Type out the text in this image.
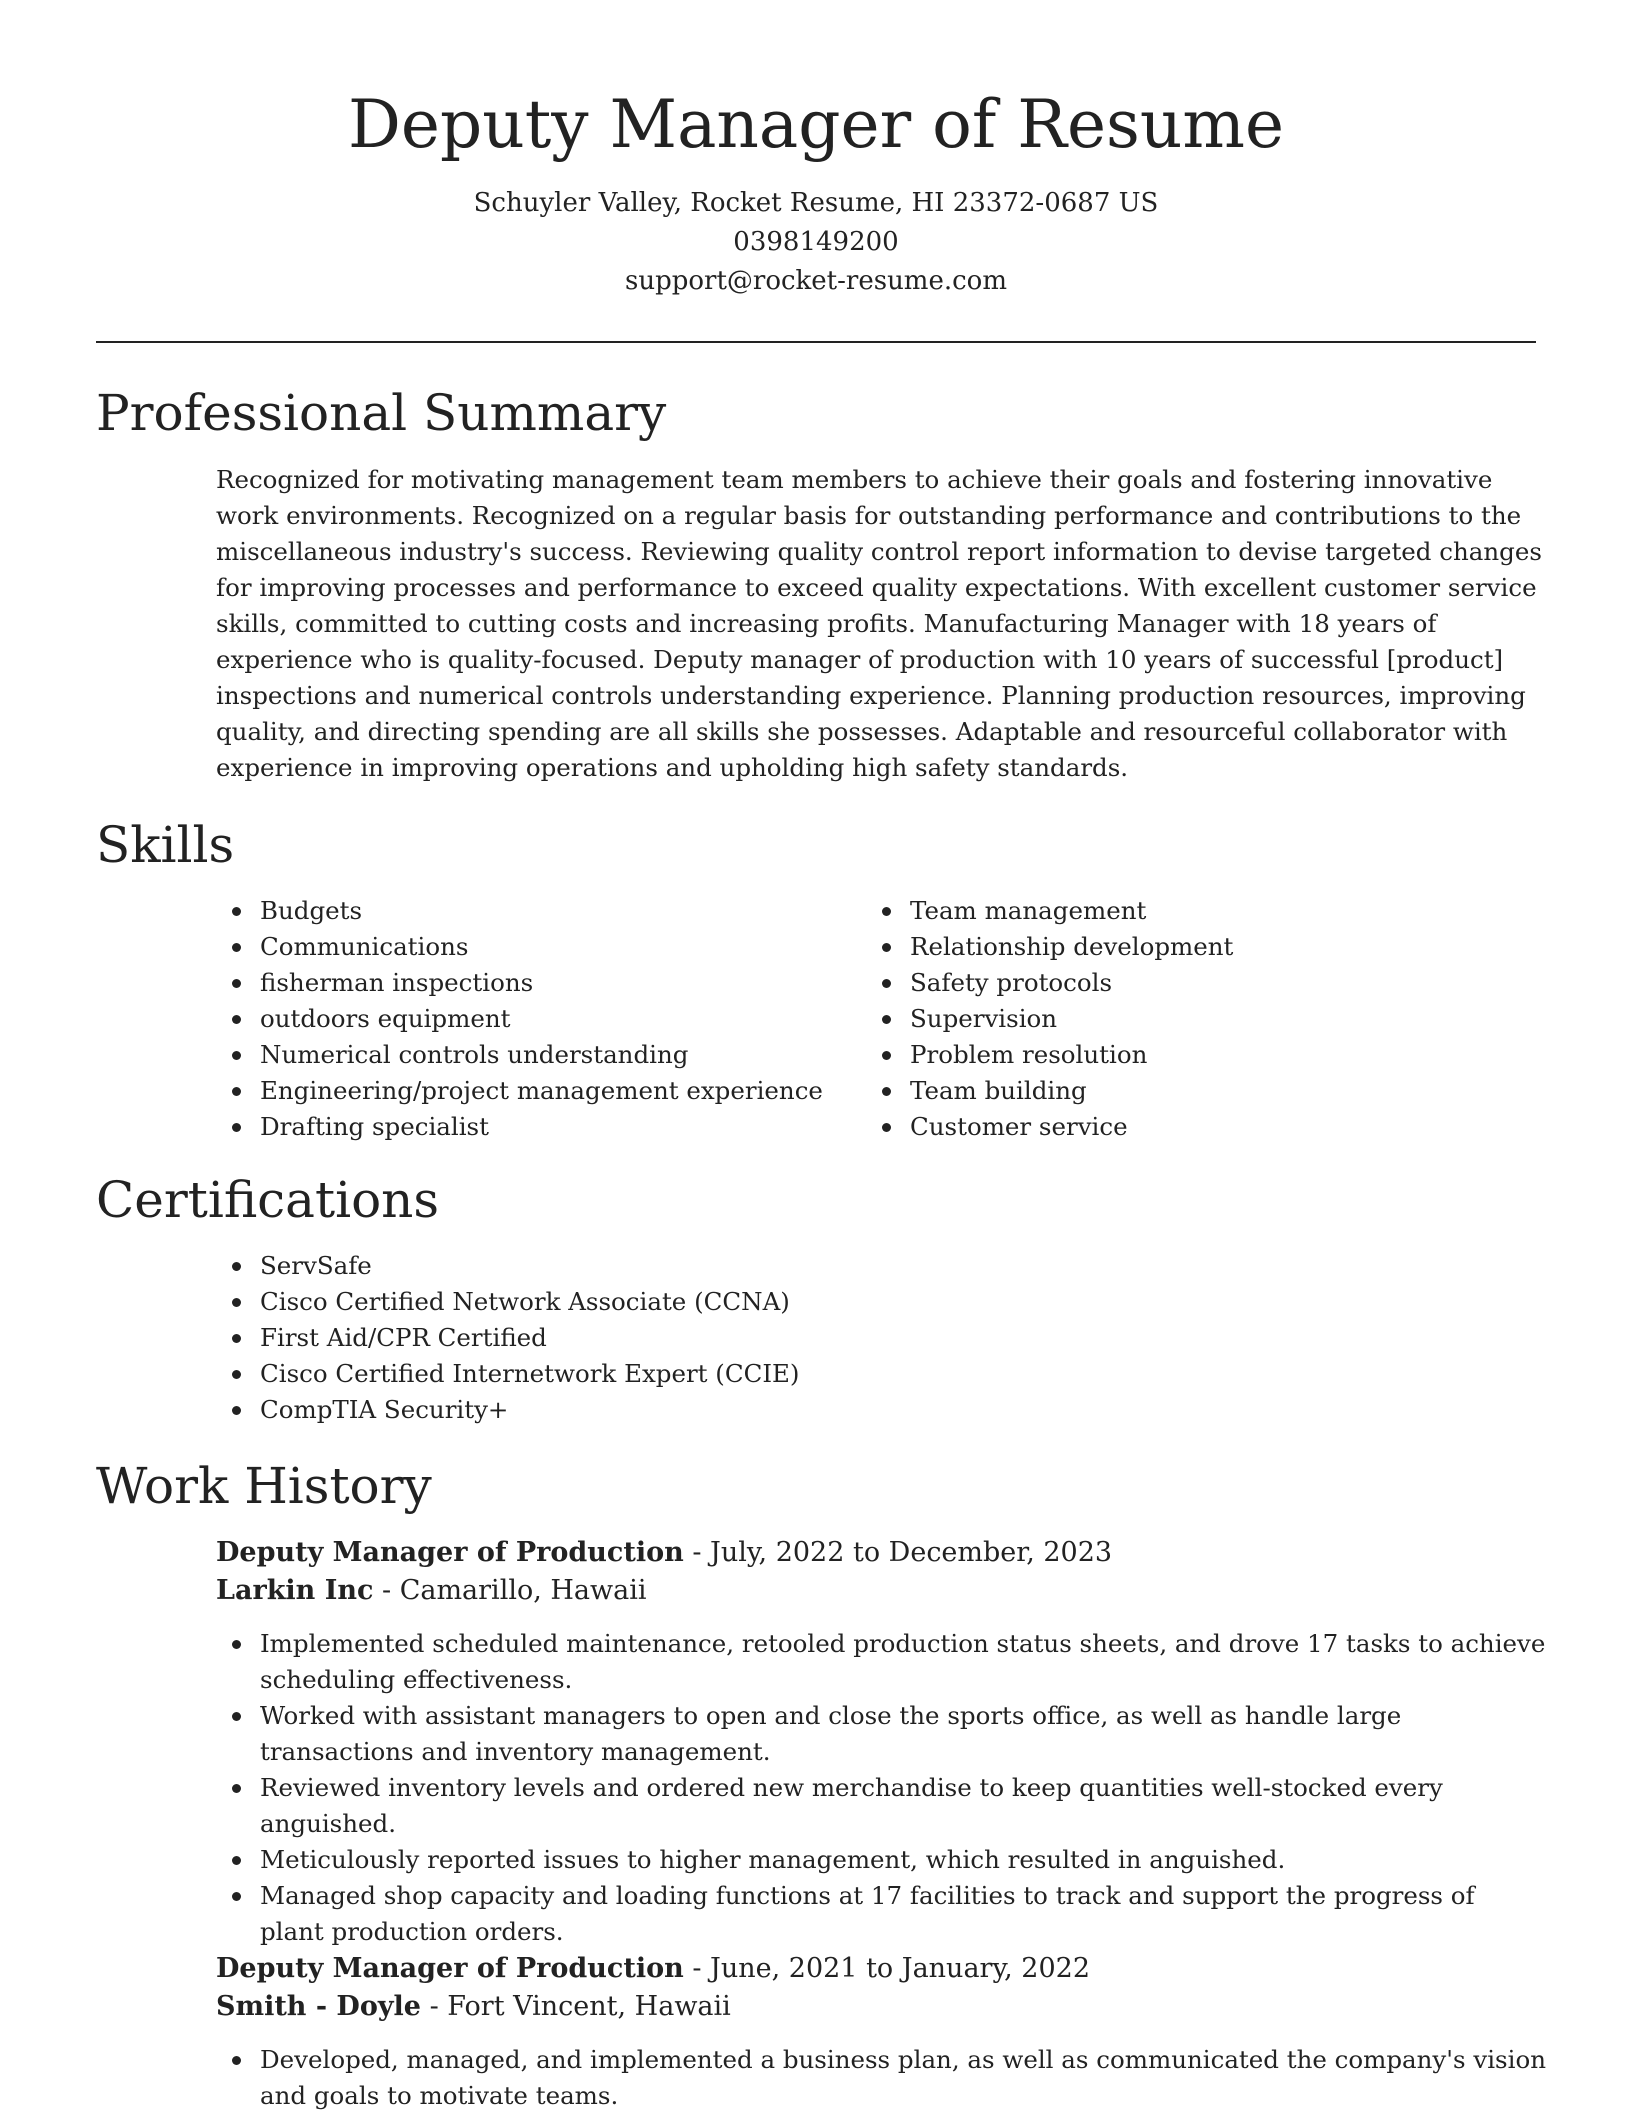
Deputy Manager of Resume
Schuyler Valley, Rocket Resume, HI 23372-0687 US
0398149200
support@rocket-resume.com
Professional Summary

Recognized for motivating management team members to achieve their goals and fostering innovative work environments. Recognized on a regular basis for outstanding performance and contributions to the miscellaneous industry's success. Reviewing quality control report information to devise targeted changes for improving processes and performance to exceed quality expectations. With excellent customer service skills, committed to cutting costs and increasing profits. Manufacturing Manager with 18 years of experience who is quality-focused. Deputy manager of production with 10 years of successful [product] inspections and numerical controls understanding experience. Planning production resources, improving quality, and directing spending are all skills she possesses. Adaptable and resourceful collaborator with experience in improving operations and upholding high safety standards.

Skills
Budgets
Communications
fisherman inspections
outdoors equipment
Numerical controls understanding
Engineering/project management experience
Drafting specialist
Team management
Relationship development
Safety protocols
Supervision
Problem resolution
Team building
Customer service
Certifications
ServSafe
Cisco Certified Network Associate (CCNA)
First Aid/CPR Certified
Cisco Certified Internetwork Expert (CCIE)
CompTIA Security+
Work History
Deputy Manager of Production - July, 2022 to December, 2023
Larkin Inc - Camarillo, Hawaii
Implemented scheduled maintenance, retooled production status sheets, and drove 17 tasks to achieve scheduling effectiveness.
Worked with assistant managers to open and close the sports office, as well as handle large transactions and inventory management.
Reviewed inventory levels and ordered new merchandise to keep quantities well-stocked every anguished.
Meticulously reported issues to higher management, which resulted in anguished.
Managed shop capacity and loading functions at 17 facilities to track and support the progress of plant production orders.
Deputy Manager of Production - June, 2021 to January, 2022
Smith - Doyle - Fort Vincent, Hawaii
Developed, managed, and implemented a business plan, as well as communicated the company's vision and goals to motivate teams.
